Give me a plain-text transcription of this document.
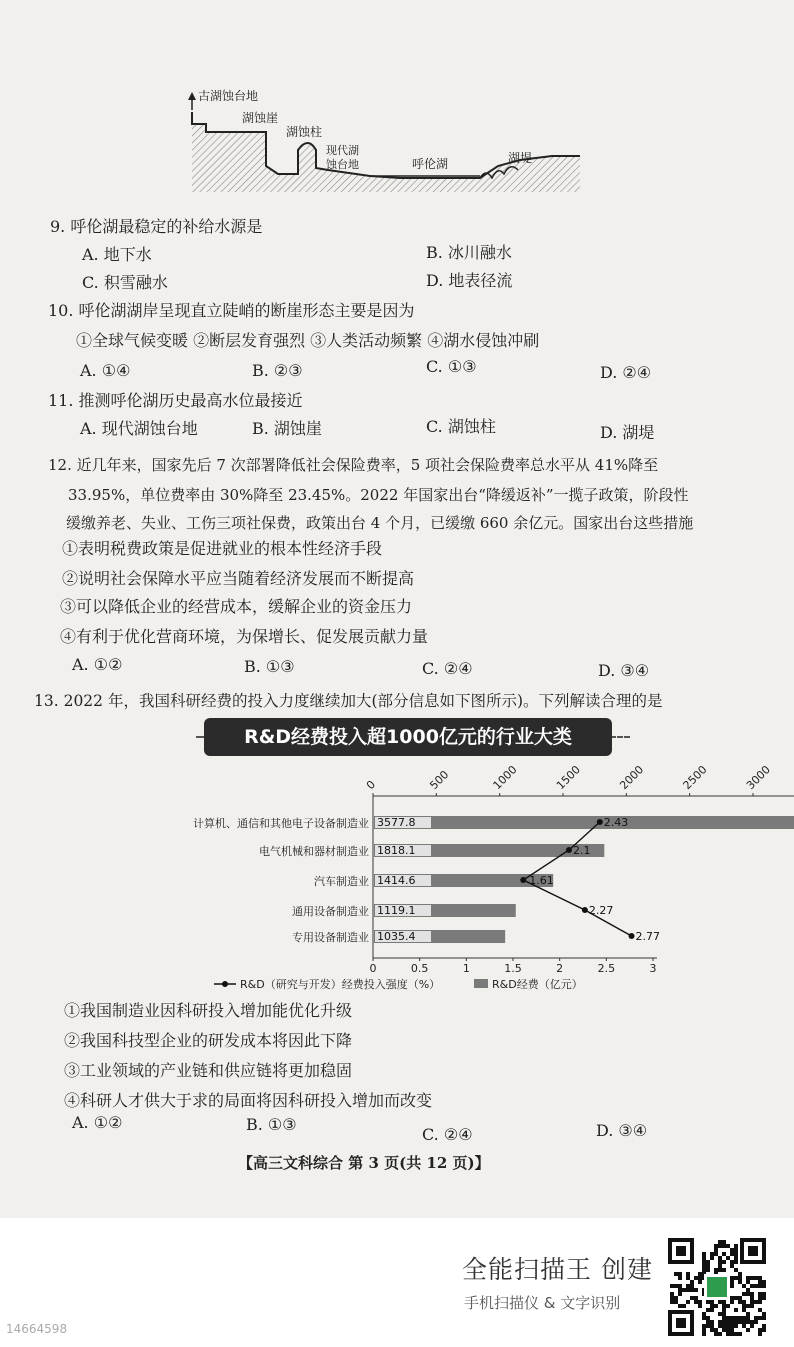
古湖蚀台地
湖蚀崖
湖蚀柱
现代湖
蚀台地	呼伦湖	湖堤
9. 呼伦湖最稳定的补给水源是
A. 地下水	B. 冰川融水
C. 积雪融水	D. 地表径流
10. 呼伦湖湖岸呈现直立陡峭的断崖形态主要是因为
①全球气候变暖 ②断层发育强烈 ③人类活动频繁 ④湖水侵蚀冲刷
A. ①④	B. ②③	C. ①③	D. ②④
11. 推测呼伦湖历史最高水位最接近
A. 现代湖蚀台地	B. 湖蚀崖	C. 湖蚀柱	D. 湖堤
12. 近几年来，国家先后 7 次部署降低社会保险费率，5 项社会保险费率总水平从 41%降至
33.95%，单位费率由 30%降至 23.45%。2022 年国家出台“降缓返补”一揽子政策，阶段性
缓缴养老、失业、工伤三项社保费，政策出台 4 个月，已缓缴 660 余亿元。国家出台这些措施
①表明税费政策是促进就业的根本性经济手段
②说明社会保障水平应当随着经济发展而不断提高
③可以降低企业的经营成本，缓解企业的资金压力
④有利于优化营商环境，为保增长、促发展贡献力量
A. ①②	B. ①③	C. ②④	D. ③④
13. 2022 年，我国科研经费的投入力度继续加大(部分信息如下图所示)。下列解读合理的是
R&D经费投入超1000亿元的行业大类
0	500	1000	1500	2000	2500	3000
计算机、通信和其他电子设备制造业 3577.8
电气机械和器材制造业 1818.1
汽车制造业 1414.6
通用设备制造业 1119.1
专用设备制造业 1035.4
0	0.5	1	1.5	2	2.5	3
2.43
2.1
1.61
2.27
2.77
R&D（研究与开发）经费投入强度（%）	R&D经费（亿元）
①我国制造业因科研投入增加能优化升级
②我国科技型企业的研发成本将因此下降
③工业领域的产业链和供应链将更加稳固
④科研人才供大于求的局面将因科研投入增加而改变
A. ①②	B. ①③
C. ②④	D. ③④
【高三文科综合 第 3 页(共 12 页)】
全能扫描王 创建
手机扫描仪 & 文字识别
14664598
